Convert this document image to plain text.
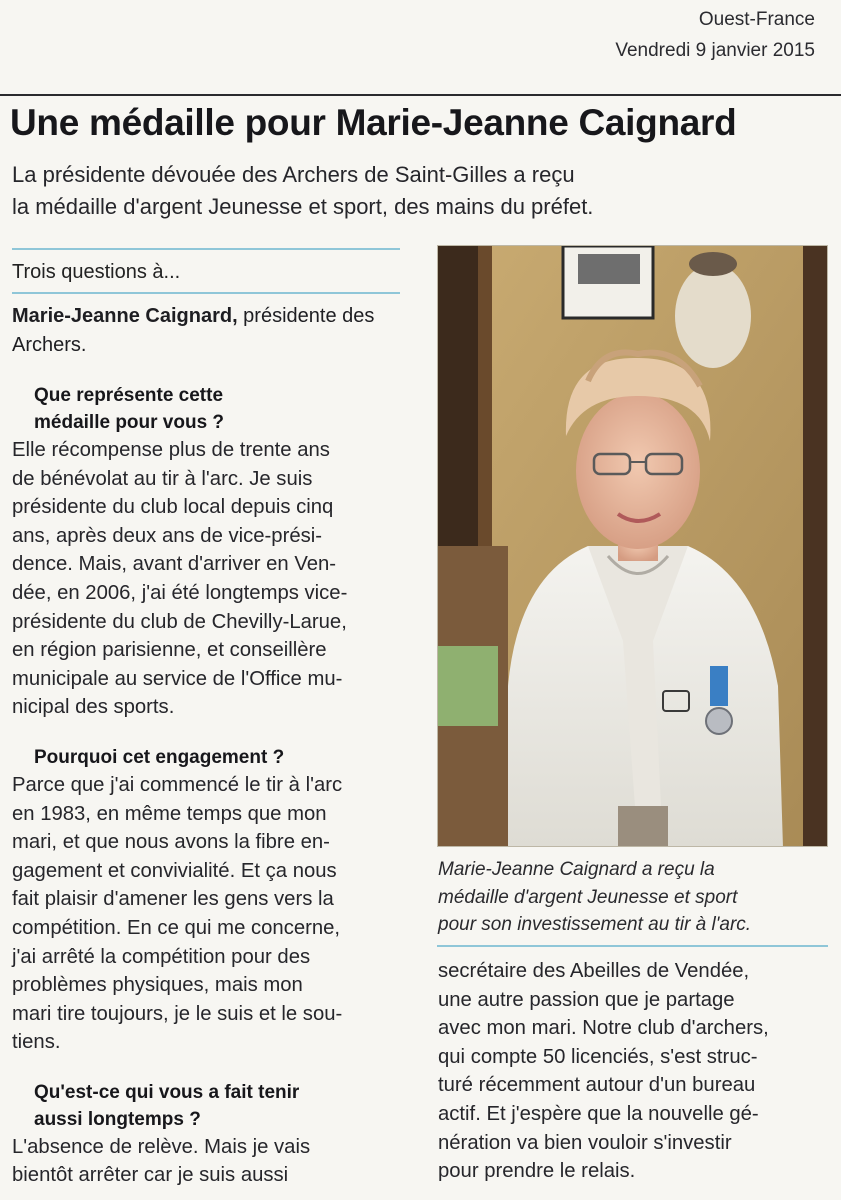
Ouest-France
Vendredi 9 janvier 2015
Une médaille pour Marie-Jeanne Caignard
La présidente dévouée des Archers de Saint-Gilles a reçu
la médaille d'argent Jeunesse et sport, des mains du préfet.
Trois questions à...
Marie-Jeanne Caignard, présidente des Archers.
Que représente cette
médaille pour vous ?
Elle récompense plus de trente ans
de bénévolat au tir à l'arc. Je suis
présidente du club local depuis cinq
ans, après deux ans de vice-prési-
dence. Mais, avant d'arriver en Ven-
dée, en 2006, j'ai été longtemps vice-
présidente du club de Chevilly-Larue,
en région parisienne, et conseillère
municipale au service de l'Office mu-
nicipal des sports.
Pourquoi cet engagement ?
Parce que j'ai commencé le tir à l'arc
en 1983, en même temps que mon
mari, et que nous avons la fibre en-
gagement et convivialité. Et ça nous
fait plaisir d'amener les gens vers la
compétition. En ce qui me concerne,
j'ai arrêté la compétition pour des
problèmes physiques, mais mon
mari tire toujours, je le suis et le sou-
tiens.
Qu'est-ce qui vous a fait tenir
aussi longtemps ?
L'absence de relève. Mais je vais
bientôt arrêter car je suis aussi
Marie-Jeanne Caignard a reçu la
médaille d'argent Jeunesse et sport
pour son investissement au tir à l'arc.
secrétaire des Abeilles de Vendée,
une autre passion que je partage
avec mon mari. Notre club d'archers,
qui compte 50 licenciés, s'est struc-
turé récemment autour d'un bureau
actif. Et j'espère que la nouvelle gé-
nération va bien vouloir s'investir
pour prendre le relais.
